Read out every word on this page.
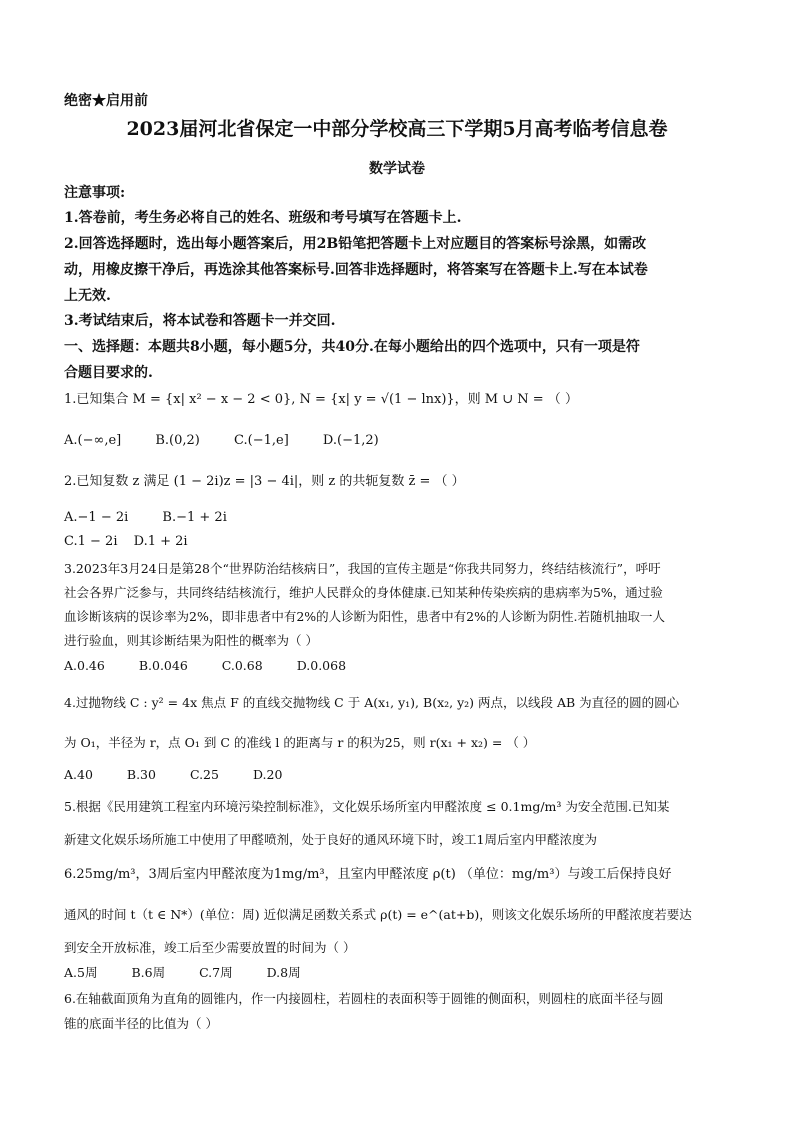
绝密★启用前
2023届河北省保定一中部分学校高三下学期5月高考临考信息卷
数学试卷
注意事项:
1.答卷前，考生务必将自己的姓名、班级和考号填写在答题卡上.
2.回答选择题时，选出每小题答案后，用2B铅笔把答题卡上对应题目的答案标号涂黑，如需改
动，用橡皮擦干净后，再选涂其他答案标号.回答非选择题时，将答案写在答题卡上.写在本试卷
上无效.
3.考试结束后，将本试卷和答题卡一并交回.
一、选择题：本题共8小题，每小题5分，共40分.在每小题给出的四个选项中，只有一项是符
合题目要求的.
1.已知集合 M = {x| x² − x − 2 < 0}, N = {x| y = √(1 − lnx)}，则 M ∪ N = （ ）
A.(−∞,e]	B.(0,2)	C.(−1,e]	D.(−1,2)
2.已知复数 z 满足 (1 − 2i)z = |3 − 4i|，则 z 的共轭复数 z̄ = （ ）
A.−1 − 2i	B.−1 + 2i
C.1 − 2i D.1 + 2i
3.2023年3月24日是第28个“世界防治结核病日”，我国的宣传主题是“你我共同努力，终结结核流行”，呼吁
社会各界广泛参与，共同终结结核流行，维护人民群众的身体健康.已知某种传染疾病的患病率为5%，通过验
血诊断该病的误诊率为2%，即非患者中有2%的人诊断为阳性，患者中有2%的人诊断为阴性.若随机抽取一人
进行验血，则其诊断结果为阳性的概率为（ ）
A.0.46	B.0.046	C.0.68	D.0.068
4.过抛物线 C : y² = 4x 焦点 F 的直线交抛物线 C 于 A(x₁, y₁), B(x₂, y₂) 两点，以线段 AB 为直径的圆的圆心
为 O₁，半径为 r，点 O₁ 到 C 的准线 l 的距离与 r 的积为25，则 r(x₁ + x₂) = （ ）
A.40	B.30	C.25	D.20
5.根据《民用建筑工程室内环境污染控制标准》，文化娱乐场所室内甲醛浓度 ≤ 0.1mg/m³ 为安全范围.已知某
新建文化娱乐场所施工中使用了甲醛喷剂，处于良好的通风环境下时，竣工1周后室内甲醛浓度为
6.25mg/m³，3周后室内甲醛浓度为1mg/m³，且室内甲醛浓度 ρ(t) （单位：mg/m³）与竣工后保持良好
通风的时间 t（t ∈ N*）(单位：周) 近似满足函数关系式 ρ(t) = e^(at+b)，则该文化娱乐场所的甲醛浓度若要达
到安全开放标准，竣工后至少需要放置的时间为（ ）
A.5周	B.6周	C.7周	D.8周
6.在轴截面顶角为直角的圆锥内，作一内接圆柱，若圆柱的表面积等于圆锥的侧面积，则圆柱的底面半径与圆
锥的底面半径的比值为（ ）
